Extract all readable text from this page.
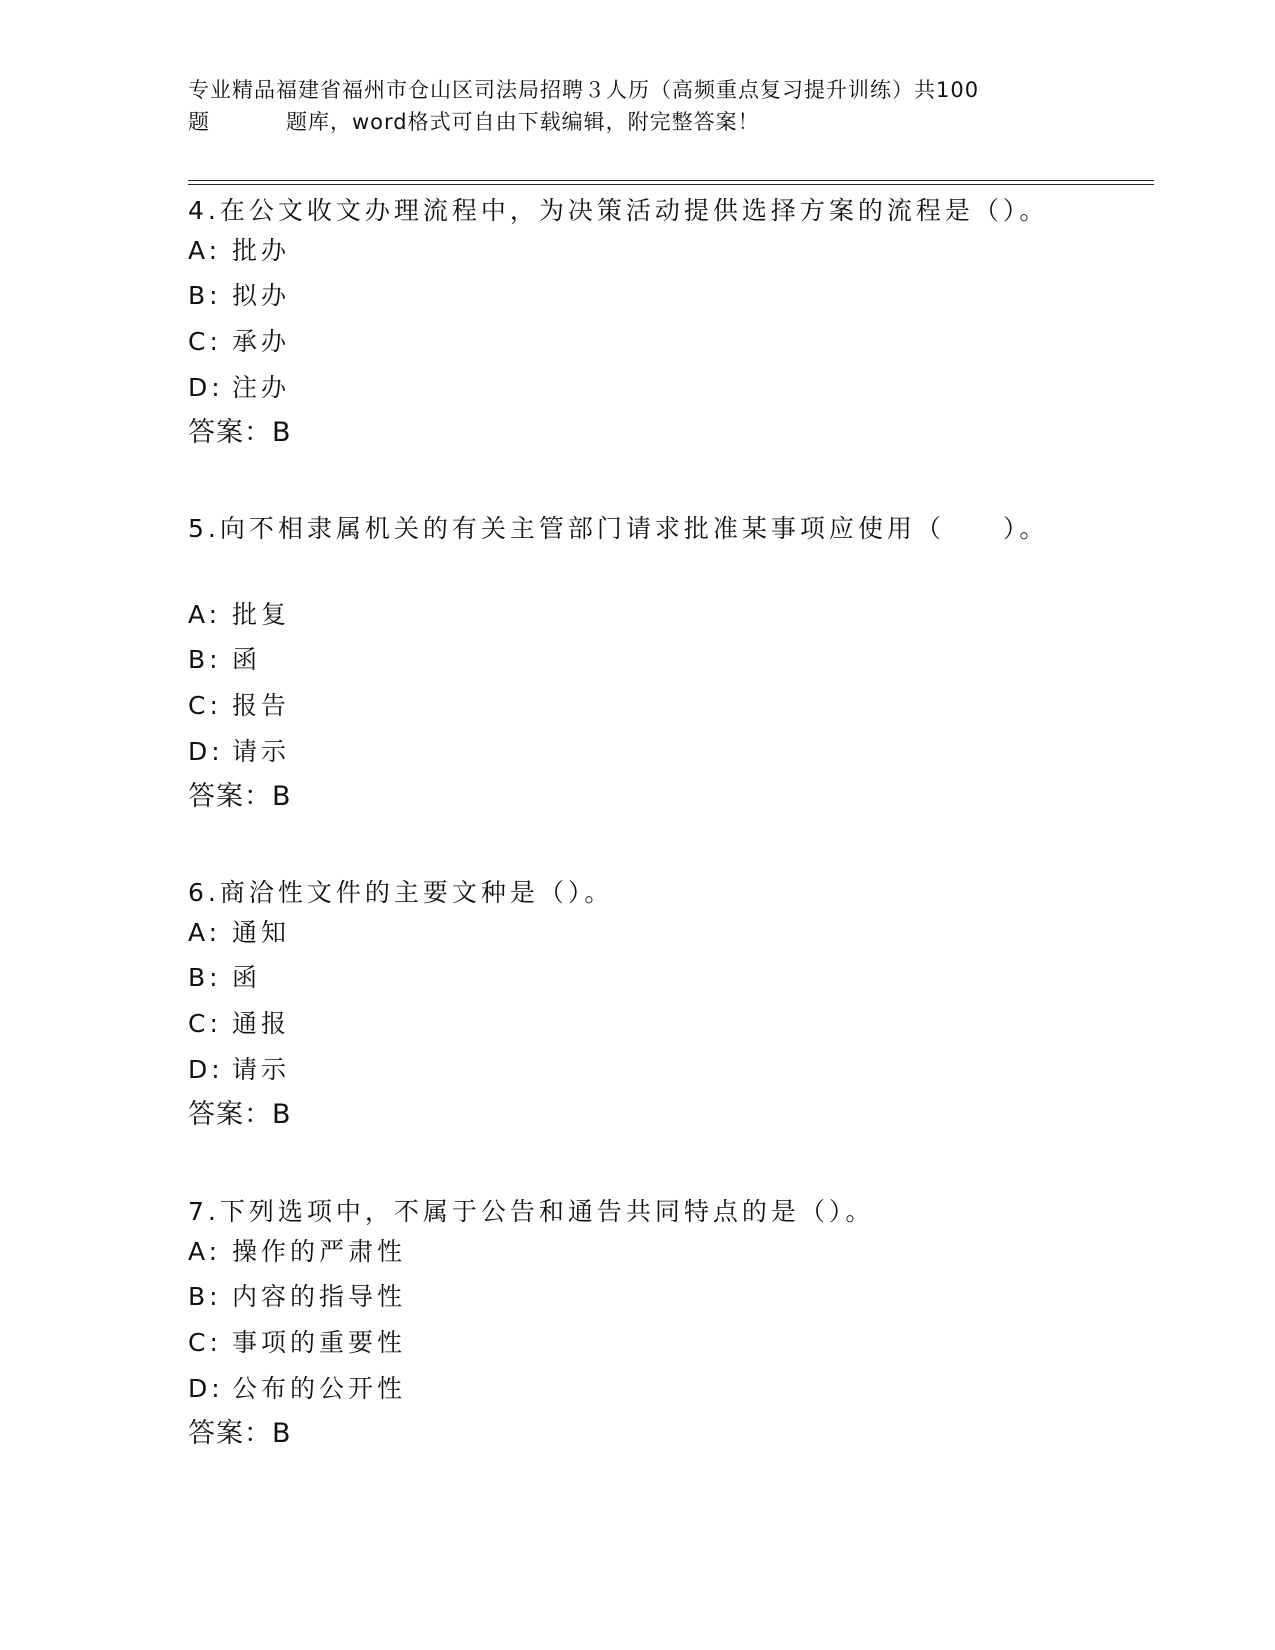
专业精品福建省福州市仓山区司法局招聘３人历（高频重点复习提升训练）共100
题	题库，word格式可自由下载编辑，附完整答案！
4.在公文收文办理流程中，为决策活动提供选择方案的流程是（）。
A: 批办
B: 拟办
C: 承办
D: 注办
答案：B
5.向不相隶属机关的有关主管部门请求批准某事项应使用（　　）。
A: 批复
B: 函
C: 报告
D: 请示
答案：B
6.商洽性文件的主要文种是（）。
A: 通知
B: 函
C: 通报
D: 请示
答案：B
7.下列选项中，不属于公告和通告共同特点的是（）。
A: 操作的严肃性
B: 内容的指导性
C: 事项的重要性
D: 公布的公开性
答案：B
